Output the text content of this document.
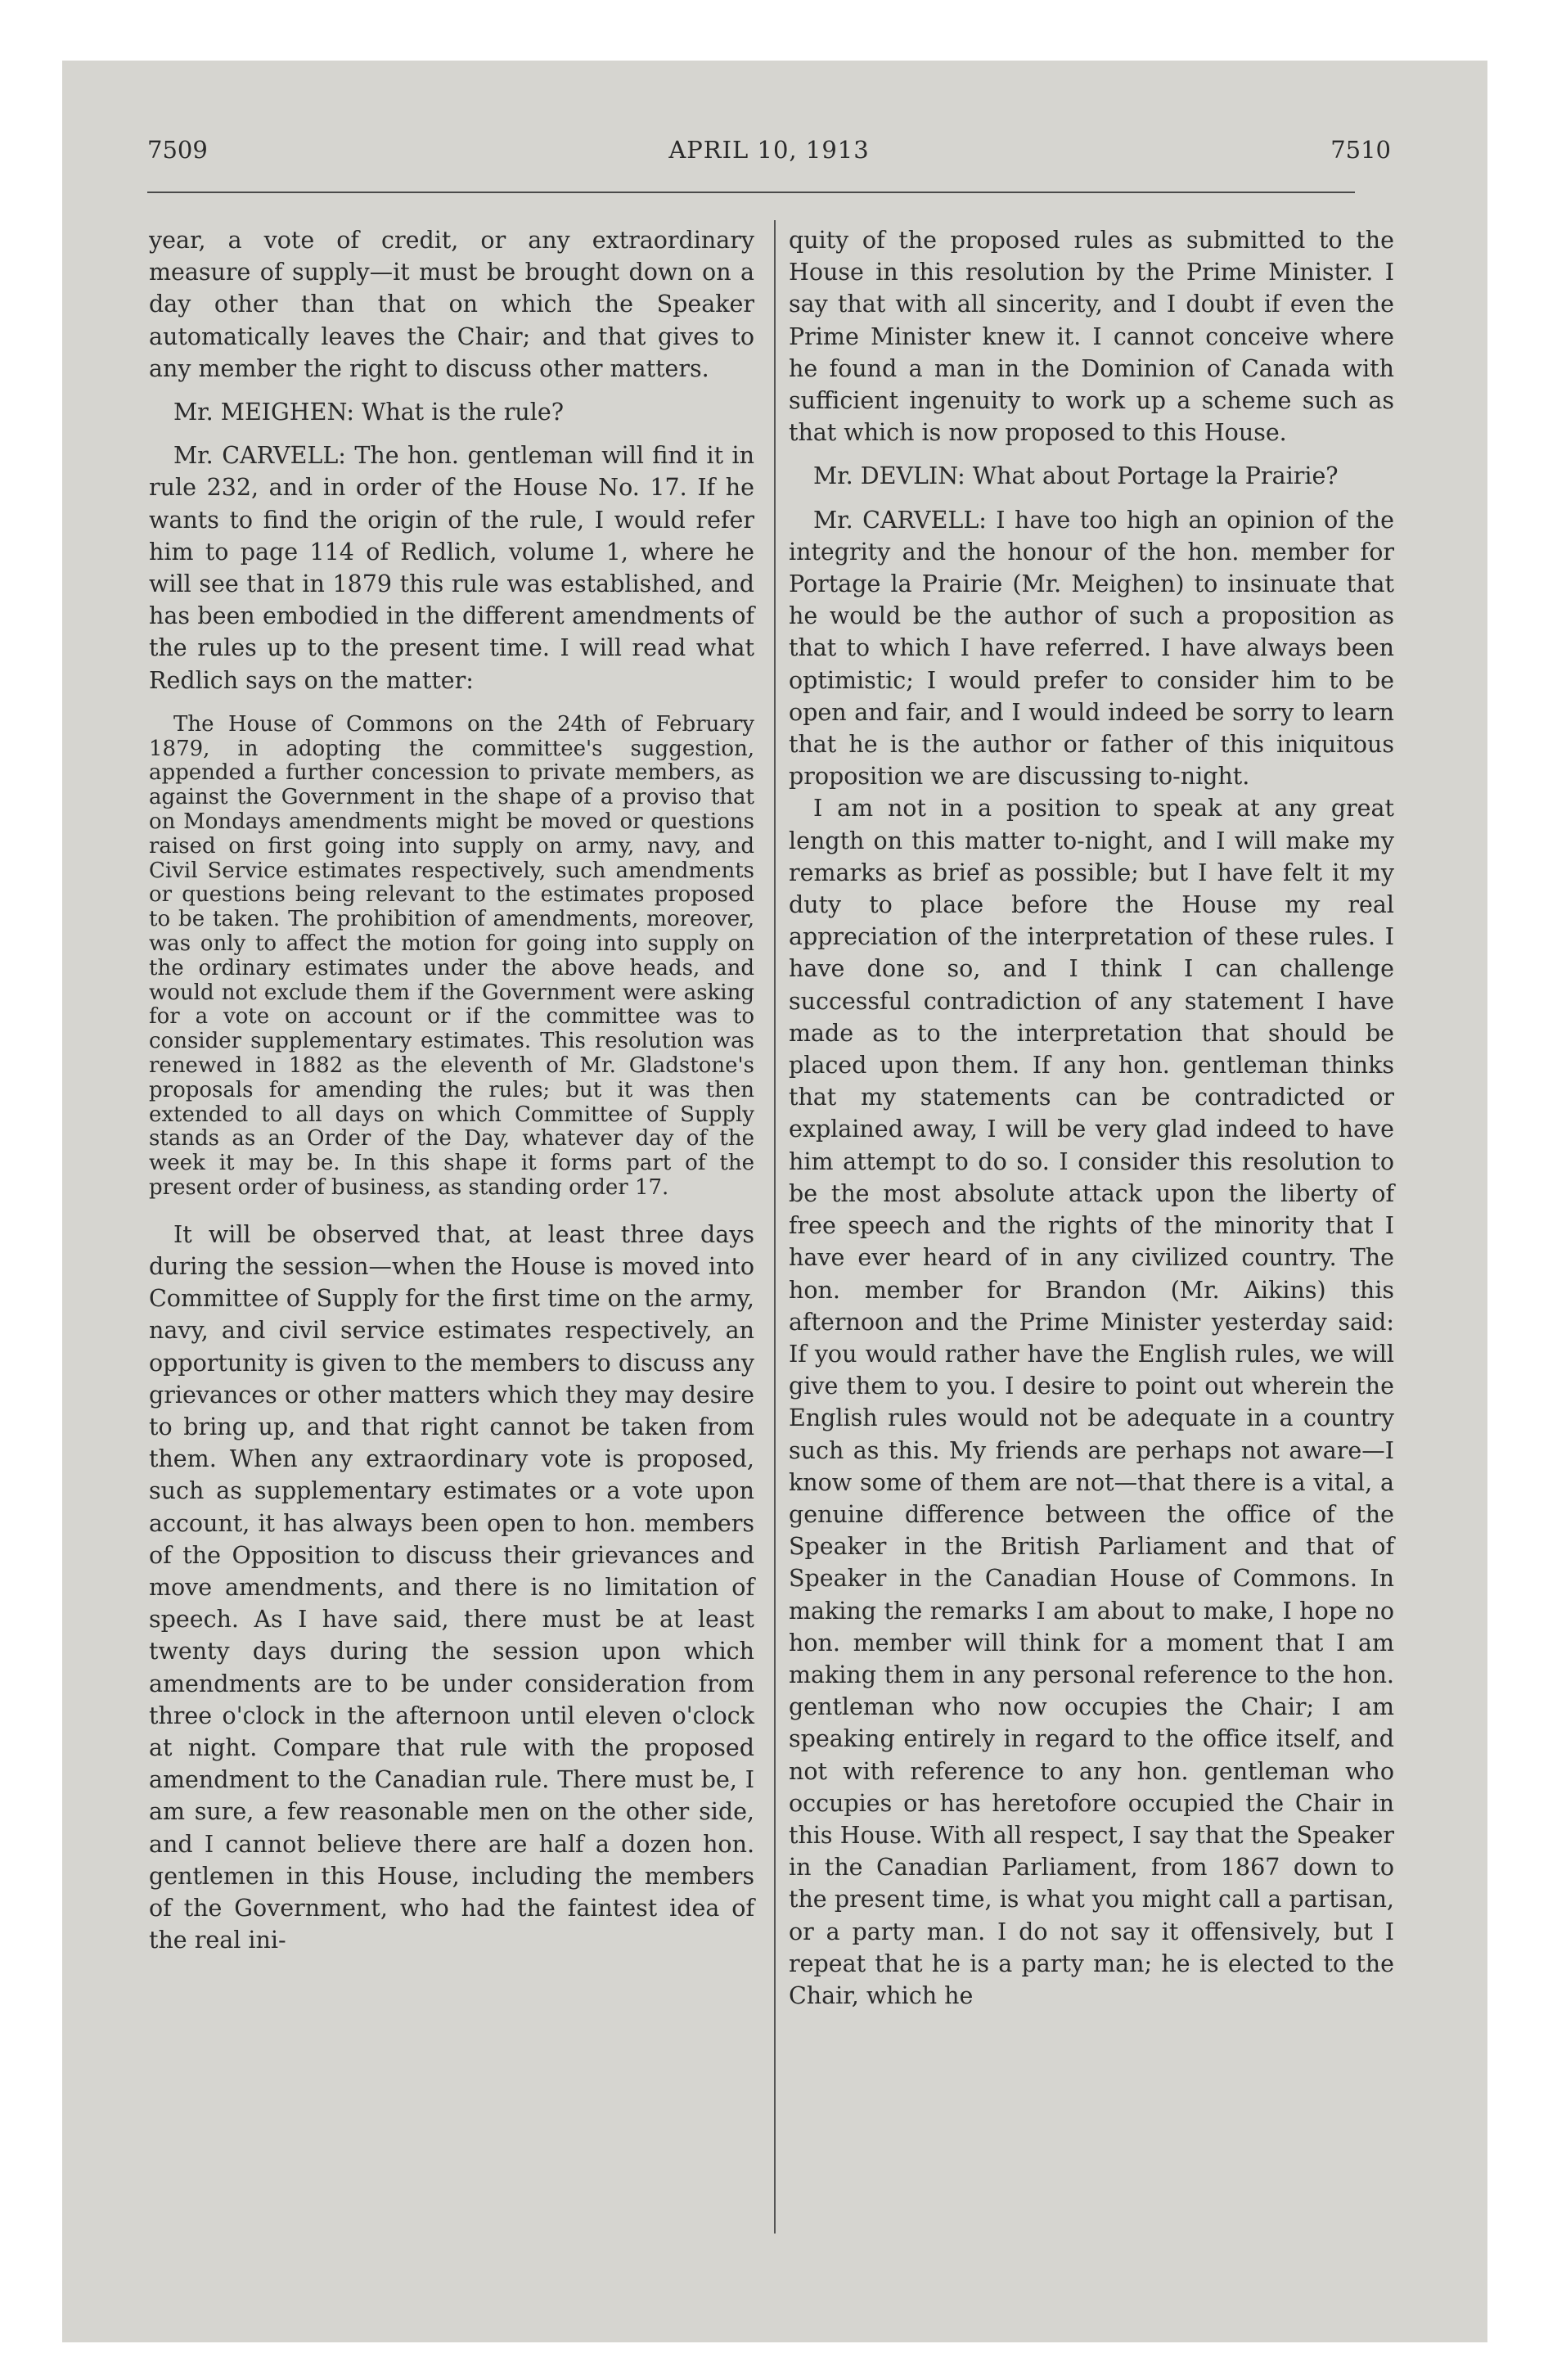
7509	APRIL 10, 1913	7510

year, a vote of credit, or any extraordinary measure of supply—it must be brought down on a day other than that on which the Speaker automatically leaves the Chair; and that gives to any member the right to discuss other matters.

Mr. MEIGHEN: What is the rule?

Mr. CARVELL: The hon. gentleman will find it in rule 232, and in order of the House No. 17. If he wants to find the origin of the rule, I would refer him to page 114 of Redlich, volume 1, where he will see that in 1879 this rule was established, and has been embodied in the different amendments of the rules up to the present time. I will read what Redlich says on the matter:

The House of Commons on the 24th of February 1879, in adopting the committee's suggestion, appended a further concession to private members, as against the Government in the shape of a proviso that on Mondays amendments might be moved or questions raised on first going into supply on army, navy, and Civil Service estimates respectively, such amendments or questions being relevant to the estimates proposed to be taken. The prohibition of amendments, moreover, was only to affect the motion for going into supply on the ordinary estimates under the above heads, and would not exclude them if the Government were asking for a vote on account or if the committee was to consider supplementary estimates. This resolution was renewed in 1882 as the eleventh of Mr. Gladstone's proposals for amending the rules; but it was then extended to all days on which Committee of Supply stands as an Order of the Day, whatever day of the week it may be. In this shape it forms part of the present order of business, as standing order 17.

It will be observed that, at least three days during the session—when the House is moved into Committee of Supply for the first time on the army, navy, and civil service estimates respectively, an opportunity is given to the members to discuss any grievances or other matters which they may desire to bring up, and that right cannot be taken from them. When any extraordinary vote is proposed, such as supplementary estimates or a vote upon account, it has always been open to hon. members of the Opposition to discuss their grievances and move amendments, and there is no limitation of speech. As I have said, there must be at least twenty days during the session upon which amendments are to be under consideration from three o'clock in the afternoon until eleven o'clock at night. Compare that rule with the proposed amendment to the Canadian rule. There must be, I am sure, a few reasonable men on the other side, and I cannot believe there are half a dozen hon. gentlemen in this House, including the members of the Government, who had the faintest idea of the real ini-

quity of the proposed rules as submitted to the House in this resolution by the Prime Minister. I say that with all sincerity, and I doubt if even the Prime Minister knew it. I cannot conceive where he found a man in the Dominion of Canada with sufficient ingenuity to work up a scheme such as that which is now proposed to this House.

Mr. DEVLIN: What about Portage la Prairie?

Mr. CARVELL: I have too high an opinion of the integrity and the honour of the hon. member for Portage la Prairie (Mr. Meighen) to insinuate that he would be the author of such a proposition as that to which I have referred. I have always been optimistic; I would prefer to consider him to be open and fair, and I would indeed be sorry to learn that he is the author or father of this iniquitous proposition we are discussing to-night.

I am not in a position to speak at any great length on this matter to-night, and I will make my remarks as brief as possible; but I have felt it my duty to place before the House my real appreciation of the interpretation of these rules. I have done so, and I think I can challenge successful contradiction of any statement I have made as to the interpretation that should be placed upon them. If any hon. gentleman thinks that my statements can be contradicted or explained away, I will be very glad indeed to have him attempt to do so. I consider this resolution to be the most absolute attack upon the liberty of free speech and the rights of the minority that I have ever heard of in any civilized country. The hon. member for Brandon (Mr. Aikins) this afternoon and the Prime Minister yesterday said: If you would rather have the English rules, we will give them to you. I desire to point out wherein the English rules would not be adequate in a country such as this. My friends are perhaps not aware—I know some of them are not—that there is a vital, a genuine difference between the office of the Speaker in the British Parliament and that of Speaker in the Canadian House of Commons. In making the remarks I am about to make, I hope no hon. member will think for a moment that I am making them in any personal reference to the hon. gentleman who now occupies the Chair; I am speaking entirely in regard to the office itself, and not with reference to any hon. gentleman who occupies or has heretofore occupied the Chair in this House. With all respect, I say that the Speaker in the Canadian Parliament, from 1867 down to the present time, is what you might call a partisan, or a party man. I do not say it offensively, but I repeat that he is a party man; he is elected to the Chair, which he
